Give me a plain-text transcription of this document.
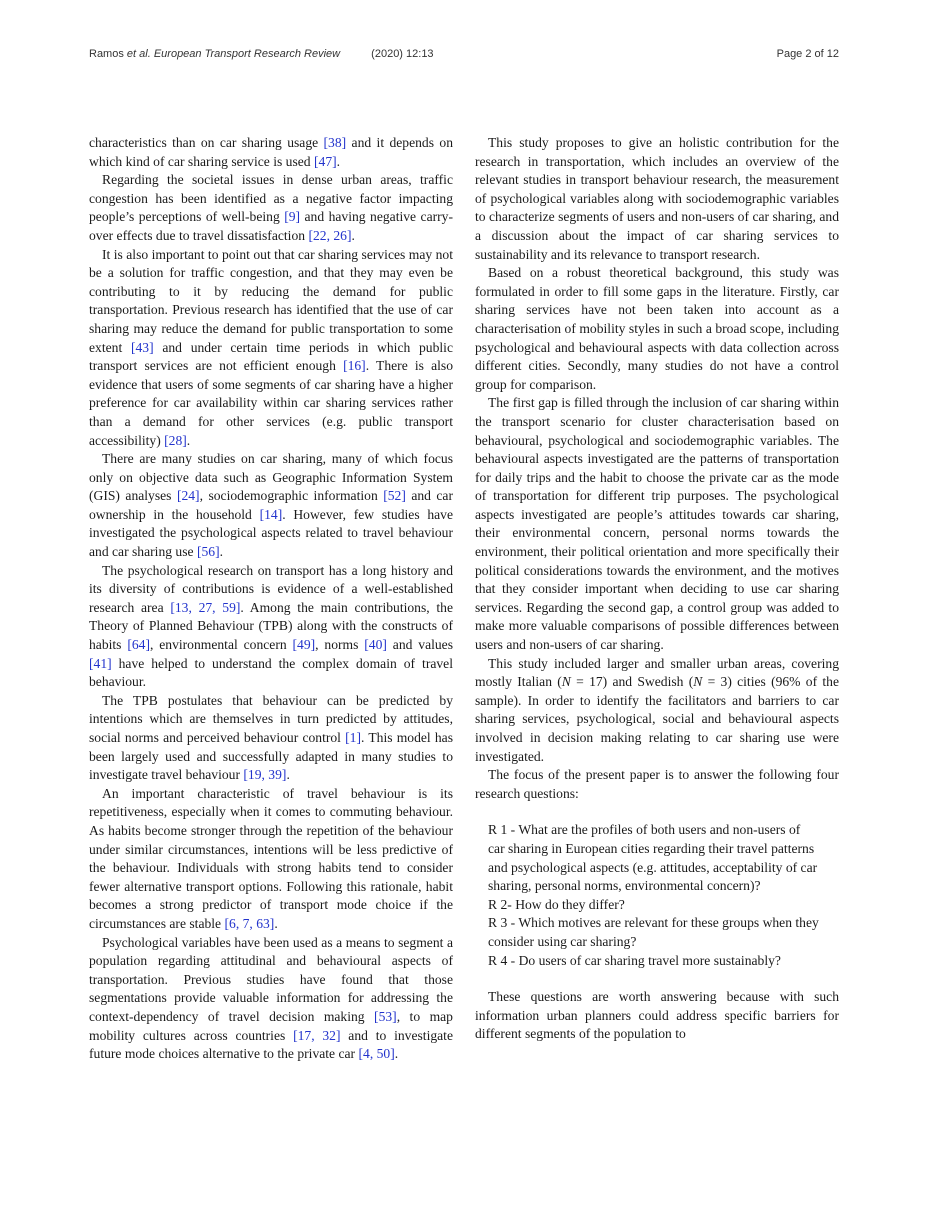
Ramos et al. European Transport Research Review	(2020) 12:13	Page 2 of 12

characteristics than on car sharing usage [38] and it depends on which kind of car sharing service is used [47].

Regarding the societal issues in dense urban areas, traffic congestion has been identified as a negative factor impacting people’s perceptions of well-being [9] and having negative carry-over effects due to travel dissatisfaction [22, 26].

It is also important to point out that car sharing services may not be a solution for traffic congestion, and that they may even be contributing to it by reducing the demand for public transportation. Previous research has identified that the use of car sharing may reduce the demand for public transportation to some extent [43] and under certain time periods in which public transport services are not efficient enough [16]. There is also evidence that users of some segments of car sharing have a higher preference for car availability within car sharing services rather than a demand for other services (e.g. public transport accessibility) [28].

There are many studies on car sharing, many of which focus only on objective data such as Geographic Information System (GIS) analyses [24], sociodemographic information [52] and car ownership in the household [14]. However, few studies have investigated the psychological aspects related to travel behaviour and car sharing use [56].

The psychological research on transport has a long history and its diversity of contributions is evidence of a well-established research area [13, 27, 59]. Among the main contributions, the Theory of Planned Behaviour (TPB) along with the constructs of habits [64], environmental concern [49], norms [40] and values [41] have helped to understand the complex domain of travel behaviour.

The TPB postulates that behaviour can be predicted by intentions which are themselves in turn predicted by attitudes, social norms and perceived behaviour control [1]. This model has been largely used and successfully adapted in many studies to investigate travel behaviour [19, 39].

An important characteristic of travel behaviour is its repetitiveness, especially when it comes to commuting behaviour. As habits become stronger through the repetition of the behaviour under similar circumstances, intentions will be less predictive of the behaviour. Individuals with strong habits tend to consider fewer alternative transport options. Following this rationale, habit becomes a strong predictor of transport mode choice if the circumstances are stable [6, 7, 63].

Psychological variables have been used as a means to segment a population regarding attitudinal and behavioural aspects of transportation. Previous studies have found that those segmentations provide valuable information for addressing the context-dependency of travel decision making [53], to map mobility cultures across countries [17, 32] and to investigate future mode choices alternative to the private car [4, 50].

This study proposes to give an holistic contribution for the research in transportation, which includes an overview of the relevant studies in transport behaviour research, the measurement of psychological variables along with sociodemographic variables to characterize segments of users and non-users of car sharing, and a discussion about the impact of car sharing services to sustainability and its relevance to transport research.

Based on a robust theoretical background, this study was formulated in order to fill some gaps in the literature. Firstly, car sharing services have not been taken into account as a characterisation of mobility styles in such a broad scope, including psychological and behavioural aspects with data collection across different cities. Secondly, many studies do not have a control group for comparison.

The first gap is filled through the inclusion of car sharing within the transport scenario for cluster characterisation based on behavioural, psychological and sociodemographic variables. The behavioural aspects investigated are the patterns of transportation for daily trips and the habit to choose the private car as the mode of transportation for different trip purposes. The psychological aspects investigated are people’s attitudes towards car sharing, their environmental concern, personal norms towards the environment, their political orientation and more specifically their political considerations towards the environment, and the motives that they consider important when deciding to use car sharing services. Regarding the second gap, a control group was added to make more valuable comparisons of possible differences between users and non-users of car sharing.

This study included larger and smaller urban areas, covering mostly Italian (N = 17) and Swedish (N = 3) cities (96% of the sample). In order to identify the facilitators and barriers to car sharing services, psychological, social and behavioural aspects involved in decision making relating to car sharing use were investigated.

The focus of the present paper is to answer the following four research questions:

R 1 - What are the profiles of both users and non-users of car sharing in European cities regarding their travel patterns and psychological aspects (e.g. attitudes, acceptability of car sharing, personal norms, environmental concern)?
R 2- How do they differ?
R 3 - Which motives are relevant for these groups when they consider using car sharing?
R 4 - Do users of car sharing travel more sustainably?

These questions are worth answering because with such information urban planners could address specific barriers for different segments of the population to
